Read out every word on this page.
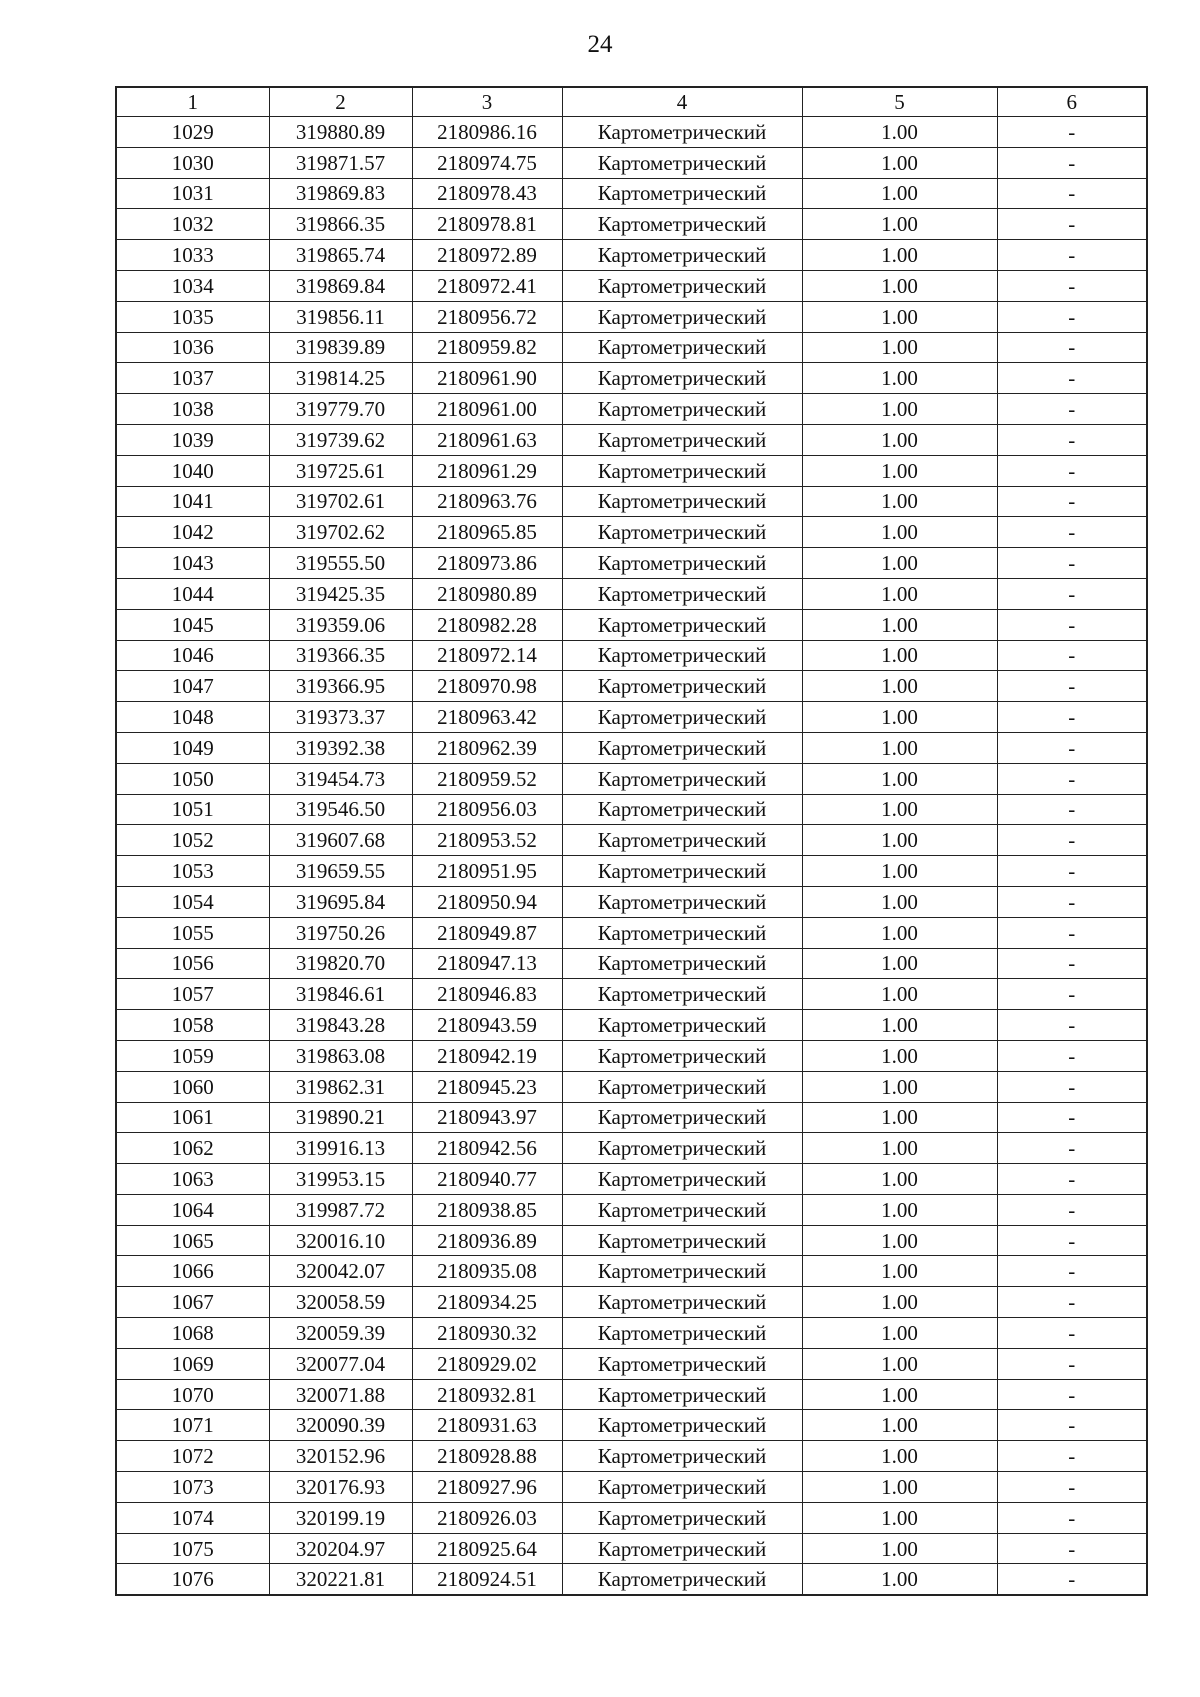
24
1	2	3	4	5	6
1029	319880.89	2180986.16	Картометрический	1.00	-
1030	319871.57	2180974.75	Картометрический	1.00	-
1031	319869.83	2180978.43	Картометрический	1.00	-
1032	319866.35	2180978.81	Картометрический	1.00	-
1033	319865.74	2180972.89	Картометрический	1.00	-
1034	319869.84	2180972.41	Картометрический	1.00	-
1035	319856.11	2180956.72	Картометрический	1.00	-
1036	319839.89	2180959.82	Картометрический	1.00	-
1037	319814.25	2180961.90	Картометрический	1.00	-
1038	319779.70	2180961.00	Картометрический	1.00	-
1039	319739.62	2180961.63	Картометрический	1.00	-
1040	319725.61	2180961.29	Картометрический	1.00	-
1041	319702.61	2180963.76	Картометрический	1.00	-
1042	319702.62	2180965.85	Картометрический	1.00	-
1043	319555.50	2180973.86	Картометрический	1.00	-
1044	319425.35	2180980.89	Картометрический	1.00	-
1045	319359.06	2180982.28	Картометрический	1.00	-
1046	319366.35	2180972.14	Картометрический	1.00	-
1047	319366.95	2180970.98	Картометрический	1.00	-
1048	319373.37	2180963.42	Картометрический	1.00	-
1049	319392.38	2180962.39	Картометрический	1.00	-
1050	319454.73	2180959.52	Картометрический	1.00	-
1051	319546.50	2180956.03	Картометрический	1.00	-
1052	319607.68	2180953.52	Картометрический	1.00	-
1053	319659.55	2180951.95	Картометрический	1.00	-
1054	319695.84	2180950.94	Картометрический	1.00	-
1055	319750.26	2180949.87	Картометрический	1.00	-
1056	319820.70	2180947.13	Картометрический	1.00	-
1057	319846.61	2180946.83	Картометрический	1.00	-
1058	319843.28	2180943.59	Картометрический	1.00	-
1059	319863.08	2180942.19	Картометрический	1.00	-
1060	319862.31	2180945.23	Картометрический	1.00	-
1061	319890.21	2180943.97	Картометрический	1.00	-
1062	319916.13	2180942.56	Картометрический	1.00	-
1063	319953.15	2180940.77	Картометрический	1.00	-
1064	319987.72	2180938.85	Картометрический	1.00	-
1065	320016.10	2180936.89	Картометрический	1.00	-
1066	320042.07	2180935.08	Картометрический	1.00	-
1067	320058.59	2180934.25	Картометрический	1.00	-
1068	320059.39	2180930.32	Картометрический	1.00	-
1069	320077.04	2180929.02	Картометрический	1.00	-
1070	320071.88	2180932.81	Картометрический	1.00	-
1071	320090.39	2180931.63	Картометрический	1.00	-
1072	320152.96	2180928.88	Картометрический	1.00	-
1073	320176.93	2180927.96	Картометрический	1.00	-
1074	320199.19	2180926.03	Картометрический	1.00	-
1075	320204.97	2180925.64	Картометрический	1.00	-
1076	320221.81	2180924.51	Картометрический	1.00	-
